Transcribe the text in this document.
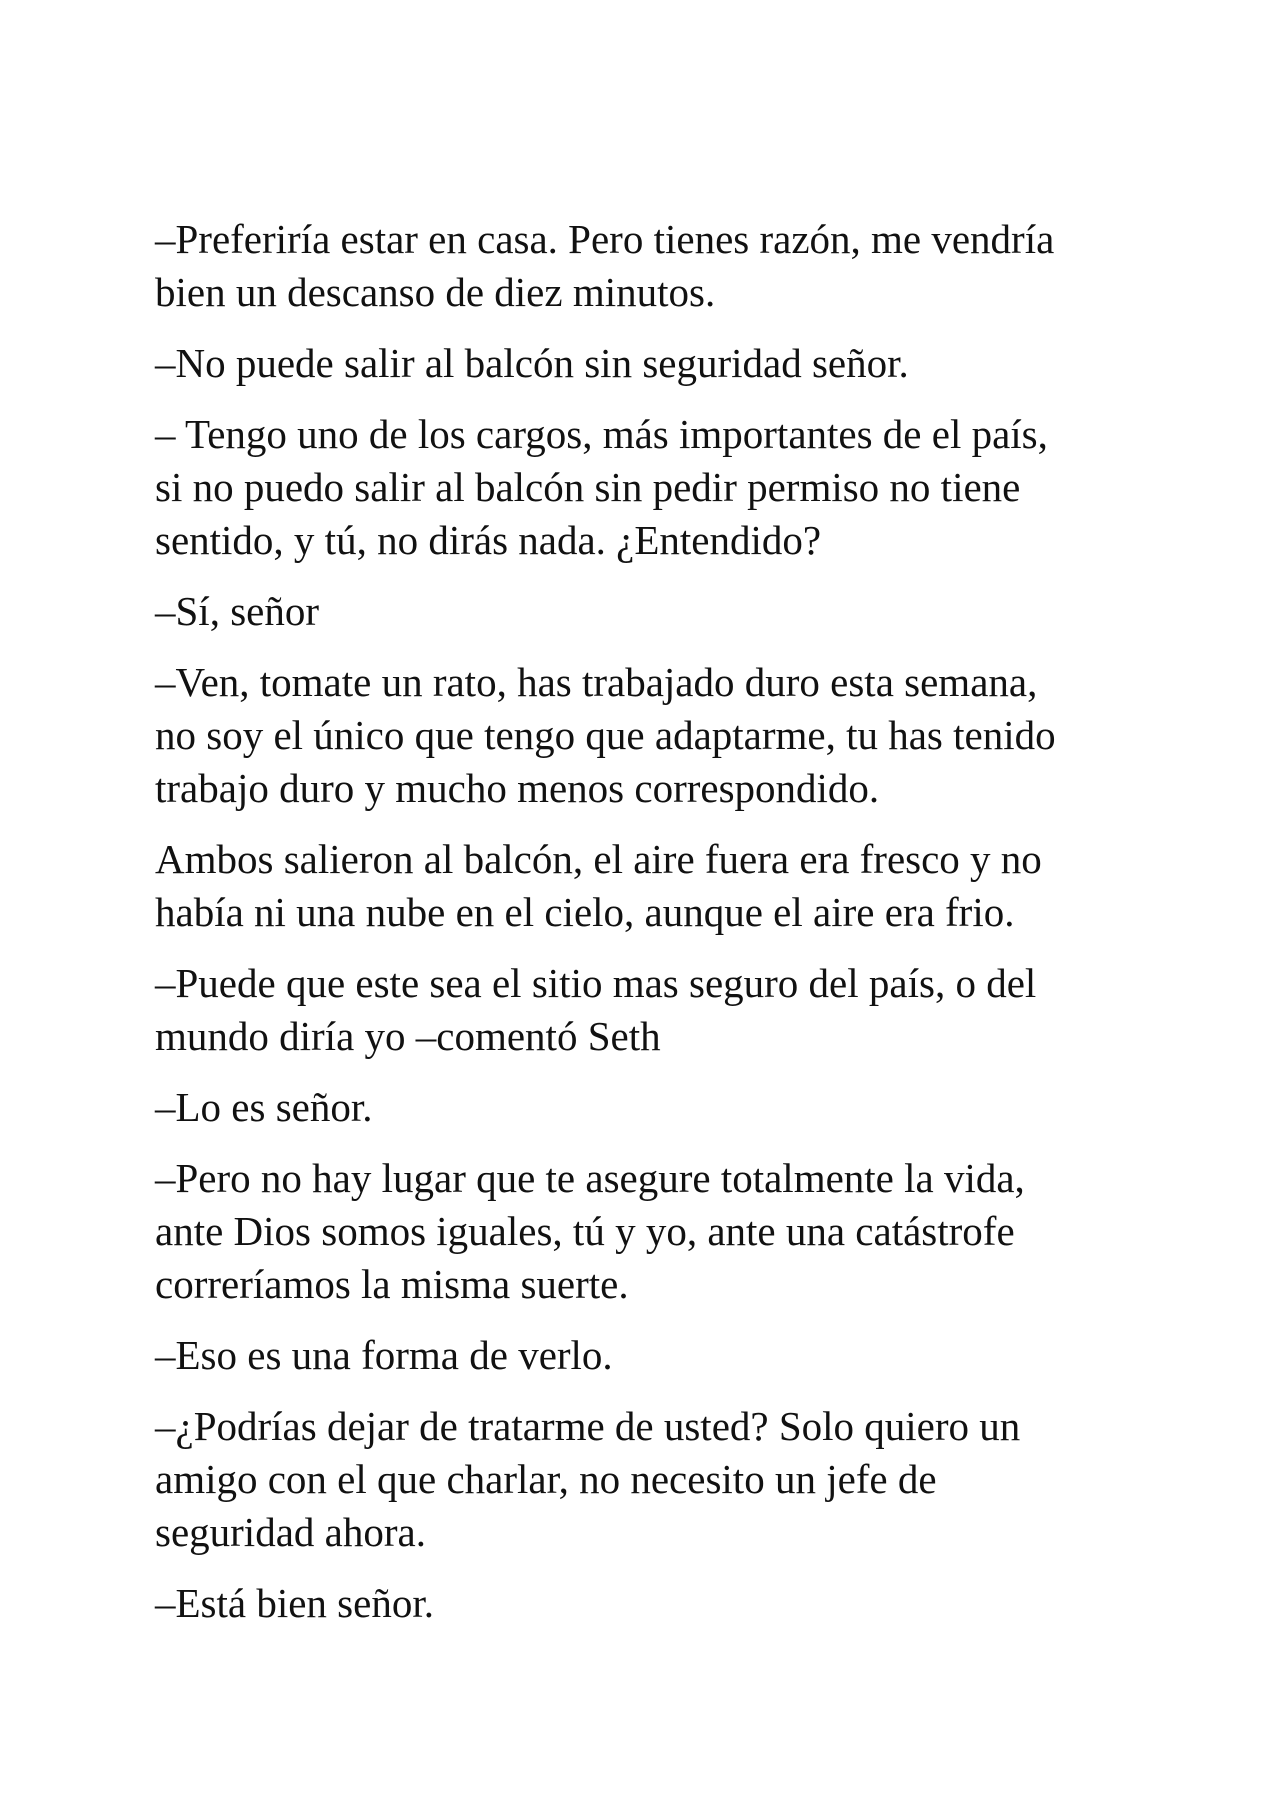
–Preferiría estar en casa. Pero tienes razón, me vendría
bien un descanso de diez minutos.

–No puede salir al balcón sin seguridad señor.

– Tengo uno de los cargos, más importantes de el país,
si no puedo salir al balcón sin pedir permiso no tiene
sentido, y tú, no dirás nada. ¿Entendido?

–Sí, señor

–Ven, tomate un rato, has trabajado duro esta semana,
no soy el único que tengo que adaptarme, tu has tenido
trabajo duro y mucho menos correspondido.

Ambos salieron al balcón, el aire fuera era fresco y no
había ni una nube en el cielo, aunque el aire era frio.

–Puede que este sea el sitio mas seguro del país, o del
mundo diría yo –comentó Seth

–Lo es señor.

–Pero no hay lugar que te asegure totalmente la vida,
ante Dios somos iguales, tú y yo, ante una catástrofe
correríamos la misma suerte.

–Eso es una forma de verlo.

–¿Podrías dejar de tratarme de usted? Solo quiero un
amigo con el que charlar, no necesito un jefe de
seguridad ahora.

–Está bien señor.
